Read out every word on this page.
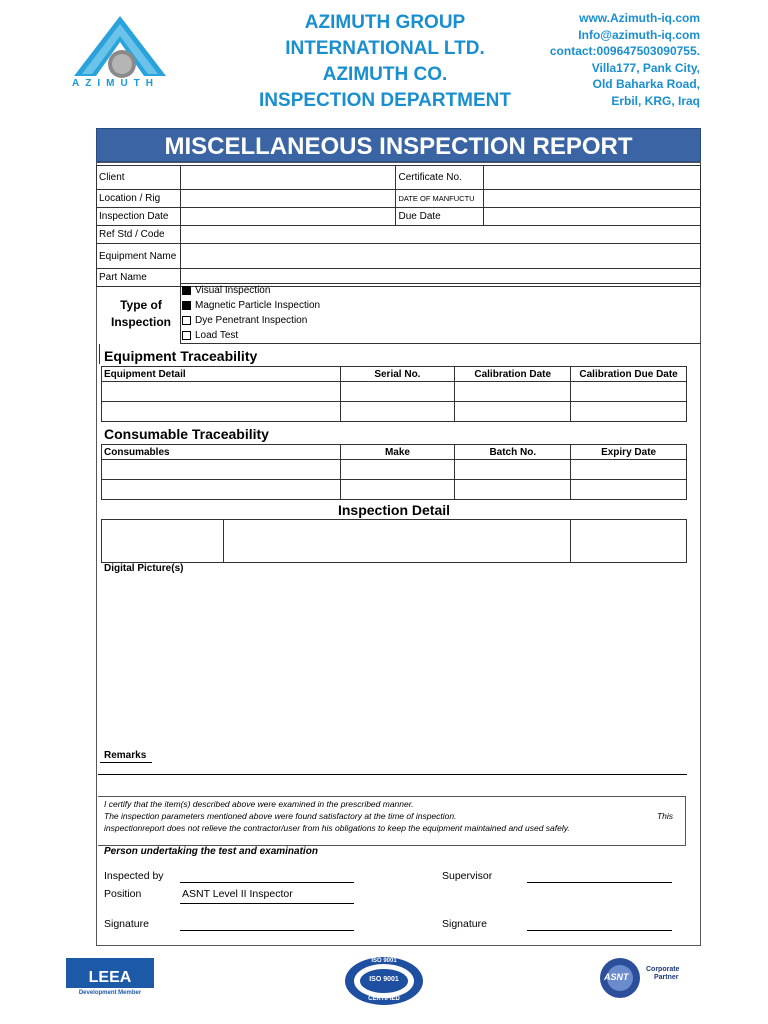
AZIMUTH
AZIMUTH GROUP
INTERNATIONAL LTD.
AZIMUTH CO.
INSPECTION DEPARTMENT
www.Azimuth-iq.com
Info@azimuth-iq.com
contact:009647503090755.
Villa177, Pank City,
Old Baharka Road,
Erbil, KRG, Iraq
MISCELLANEOUS INSPECTION REPORT
Client		Certificate No.	
Location / Rig		DATE OF MANFUCTU	
Inspection Date		Due Date	
Ref Std / Code			
Equipment Name			
Part Name			
Type of
Inspection
Visual Inspection
Magnetic Particle Inspection
Dye Penetrant Inspection
Load Test
Equipment Traceability
Equipment Detail	Serial No.	Calibration Date	Calibration Due Date

Consumable Traceability
Consumables	Make	Batch No.	Expiry Date

Inspection Detail

Digital Picture(s)
Remarks
I certify that the item(s) described above were examined in the prescribed manner.
The inspection parameters mentioned above were found satisfactory at the time of inspection.	This
inspectionreport does not relieve the contractor/user from his obligations to keep the equipment maintained and used safely.
Person undertaking the test and examination
Inspected by	Supervisor
Position	ASNT Level II Inspector
Signature	Signature
LEEA
Development Member
ISO 9001
ISO 9001
CERTIFIED
ASNT
Corporate
Partner
